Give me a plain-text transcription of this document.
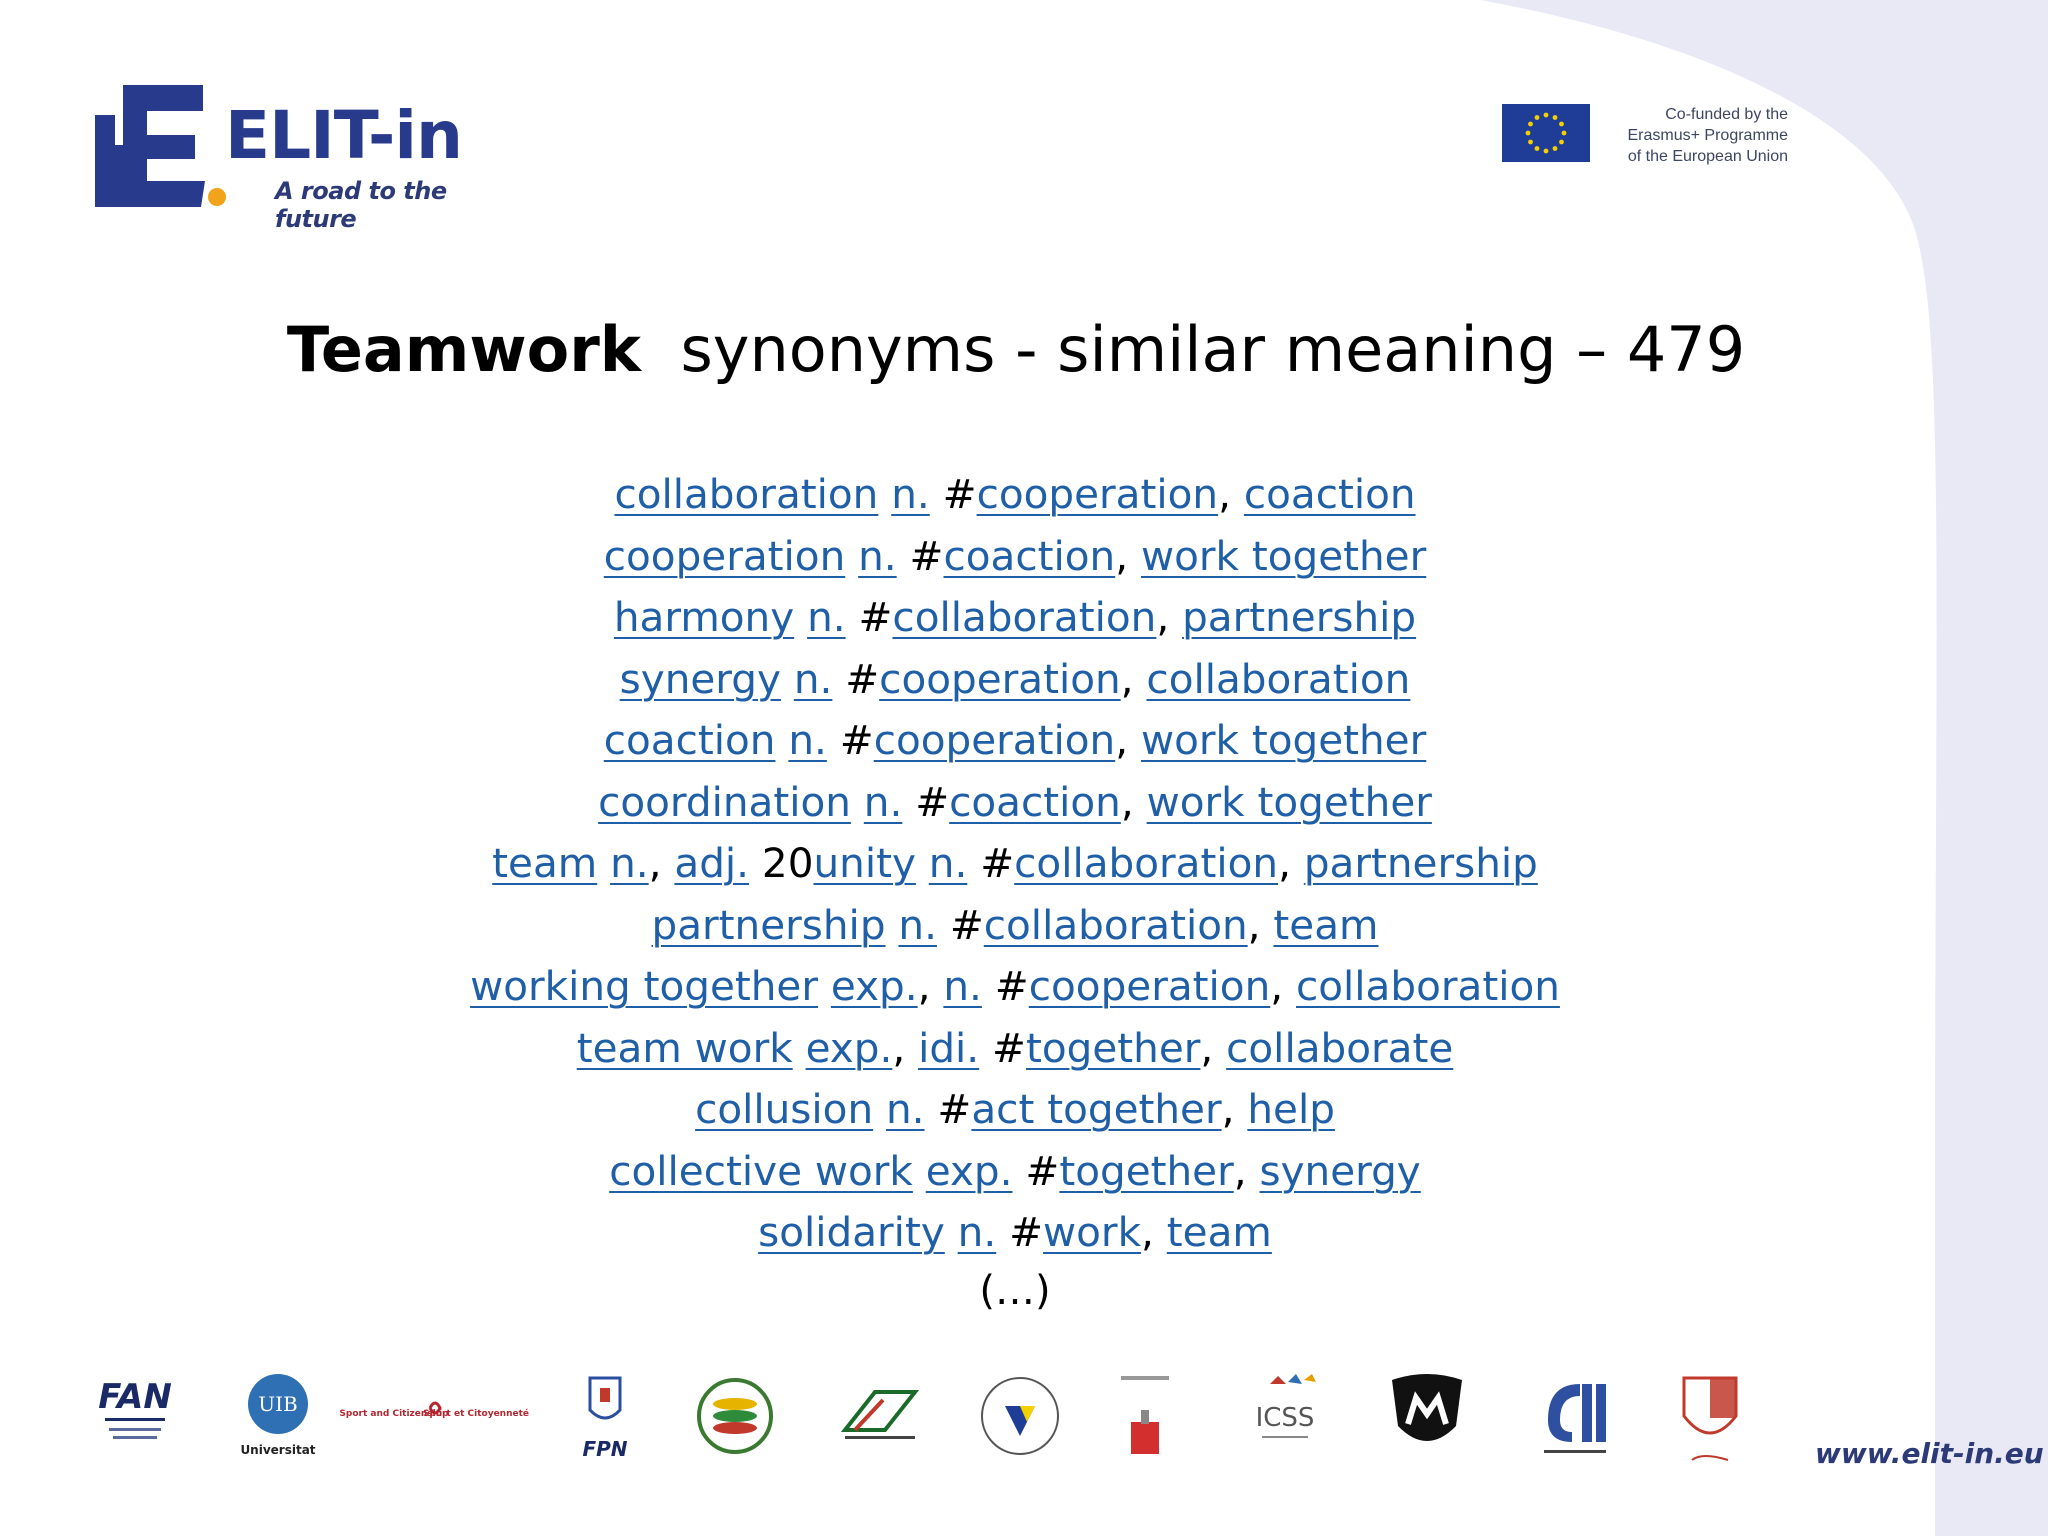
ELIT-in
A road to the future
Co-funded by the
Erasmus+ Programme
of the European Union
Teamwork synonyms - similar meaning – 479
collaboration n. #cooperation, coaction
cooperation n. #coaction, work together
harmony n. #collaboration, partnership
synergy n. #cooperation, collaboration
coaction n. #cooperation, work together
coordination n. #coaction, work together
team n., adj. 20unity n. #collaboration, partnership
partnership n. #collaboration, team
working together exp., n. #cooperation, collaboration
team work exp., idi. #together, collaborate
collusion n. #act together, help
collective work exp. #together, synergy
solidarity n. #work, team
(…)
FAN	UIB
Universitat
Sport and Citizenship
Sport et Citoyenneté
FPN
ICSS
www.elit-in.eu
